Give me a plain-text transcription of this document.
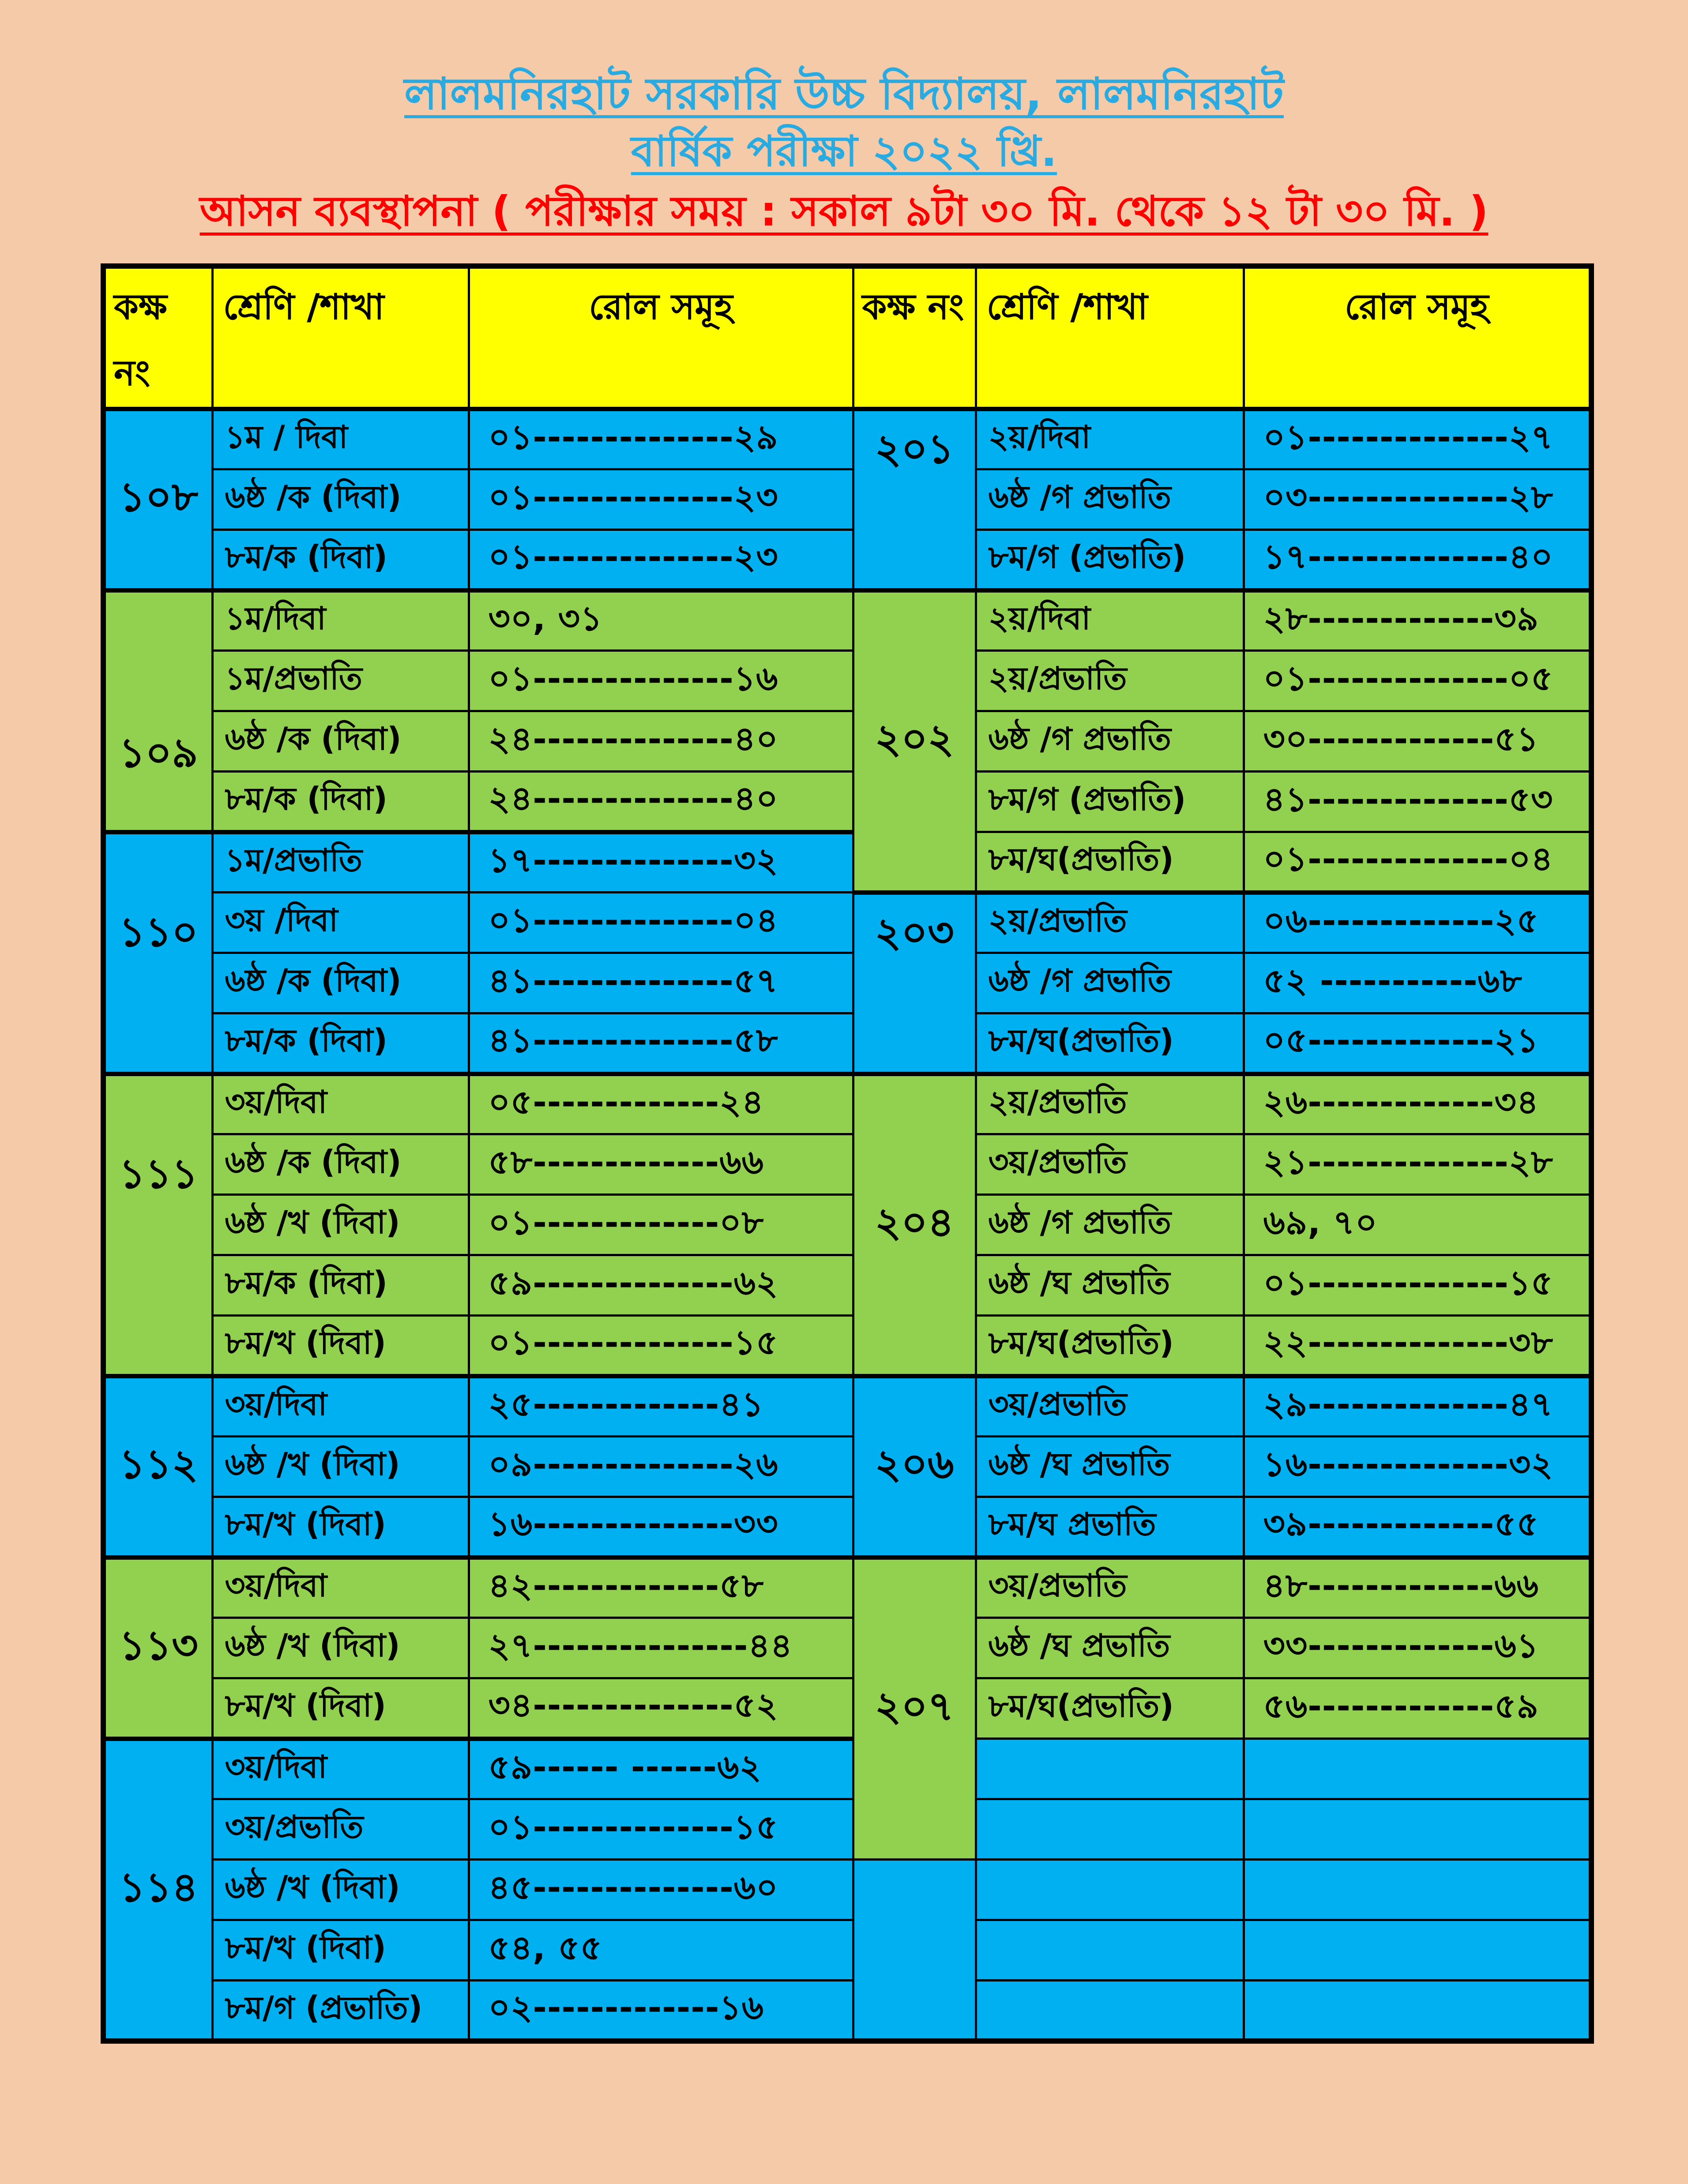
লালমনিরহাট সরকারি উচ্চ বিদ্যালয়, লালমনিরহাট
বার্ষিক পরীক্ষা ২০২২ খ্রি.
আসন ব্যবস্থাপনা ( পরীক্ষার সময় : সকাল ৯টা ৩০ মি. থেকে ১২ টা ৩০ মি. )
কক্ষ নং	শ্রেণি /শাখা	রোল সমূহ	কক্ষ নং	শ্রেণি /শাখা	রোল সমূহ
১০৮	১ম / দিবা	০১--------------২৯	২০১	২য়/দিবা	০১--------------২৭
	৬ষ্ঠ /ক (দিবা)	০১--------------২৩		৬ষ্ঠ /গ প্রভাতি	০৩--------------২৮
	৮ম/ক (দিবা)	০১--------------২৩		৮ম/গ (প্রভাতি)	১৭--------------৪০
১০৯	১ম/দিবা	৩০, ৩১	২০২	২য়/দিবা	২৮-------------৩৯
	১ম/প্রভাতি	০১--------------১৬		২য়/প্রভাতি	০১--------------০৫
	৬ষ্ঠ /ক (দিবা)	২৪--------------৪০		৬ষ্ঠ /গ প্রভাতি	৩০-------------৫১
	৮ম/ক (দিবা)	২৪--------------৪০		৮ম/গ (প্রভাতি)	৪১--------------৫৩
১১০	১ম/প্রভাতি	১৭--------------৩২		৮ম/ঘ(প্রভাতি)	০১--------------০৪
	৩য় /দিবা	০১--------------০৪	২০৩	২য়/প্রভাতি	০৬-------------২৫
	৬ষ্ঠ /ক (দিবা)	৪১--------------৫৭		৬ষ্ঠ /গ প্রভাতি	৫২ -----------৬৮
	৮ম/ক (দিবা)	৪১--------------৫৮		৮ম/ঘ(প্রভাতি)	০৫-------------২১
১১১	৩য়/দিবা	০৫-------------২৪	২০৪	২য়/প্রভাতি	২৬-------------৩৪
	৬ষ্ঠ /ক (দিবা)	৫৮-------------৬৬		৩য়/প্রভাতি	২১--------------২৮
	৬ষ্ঠ /খ (দিবা)	০১-------------০৮		৬ষ্ঠ /গ প্রভাতি	৬৯, ৭০
	৮ম/ক (দিবা)	৫৯--------------৬২		৬ষ্ঠ /ঘ প্রভাতি	০১--------------১৫
	৮ম/খ (দিবা)	০১--------------১৫		৮ম/ঘ(প্রভাতি)	২২--------------৩৮
১১২	৩য়/দিবা	২৫-------------৪১	২০৬	৩য়/প্রভাতি	২৯--------------৪৭
	৬ষ্ঠ /খ (দিবা)	০৯--------------২৬		৬ষ্ঠ /ঘ প্রভাতি	১৬--------------৩২
	৮ম/খ (দিবা)	১৬--------------৩৩		৮ম/ঘ প্রভাতি	৩৯-------------৫৫
১১৩	৩য়/দিবা	৪২-------------৫৮	২০৭	৩য়/প্রভাতি	৪৮-------------৬৬
	৬ষ্ঠ /খ (দিবা)	২৭---------------৪৪		৬ষ্ঠ /ঘ প্রভাতি	৩৩-------------৬১
	৮ম/খ (দিবা)	৩৪--------------৫২		৮ম/ঘ(প্রভাতি)	৫৬-------------৫৯
১১৪	৩য়/দিবা	৫৯------ ------৬২			
	৩য়/প্রভাতি	০১--------------১৫			
	৬ষ্ঠ /খ (দিবা)	৪৫--------------৬০			
	৮ম/খ (দিবা)	৫৪, ৫৫			
	৮ম/গ (প্রভাতি)	০২-------------১৬			
